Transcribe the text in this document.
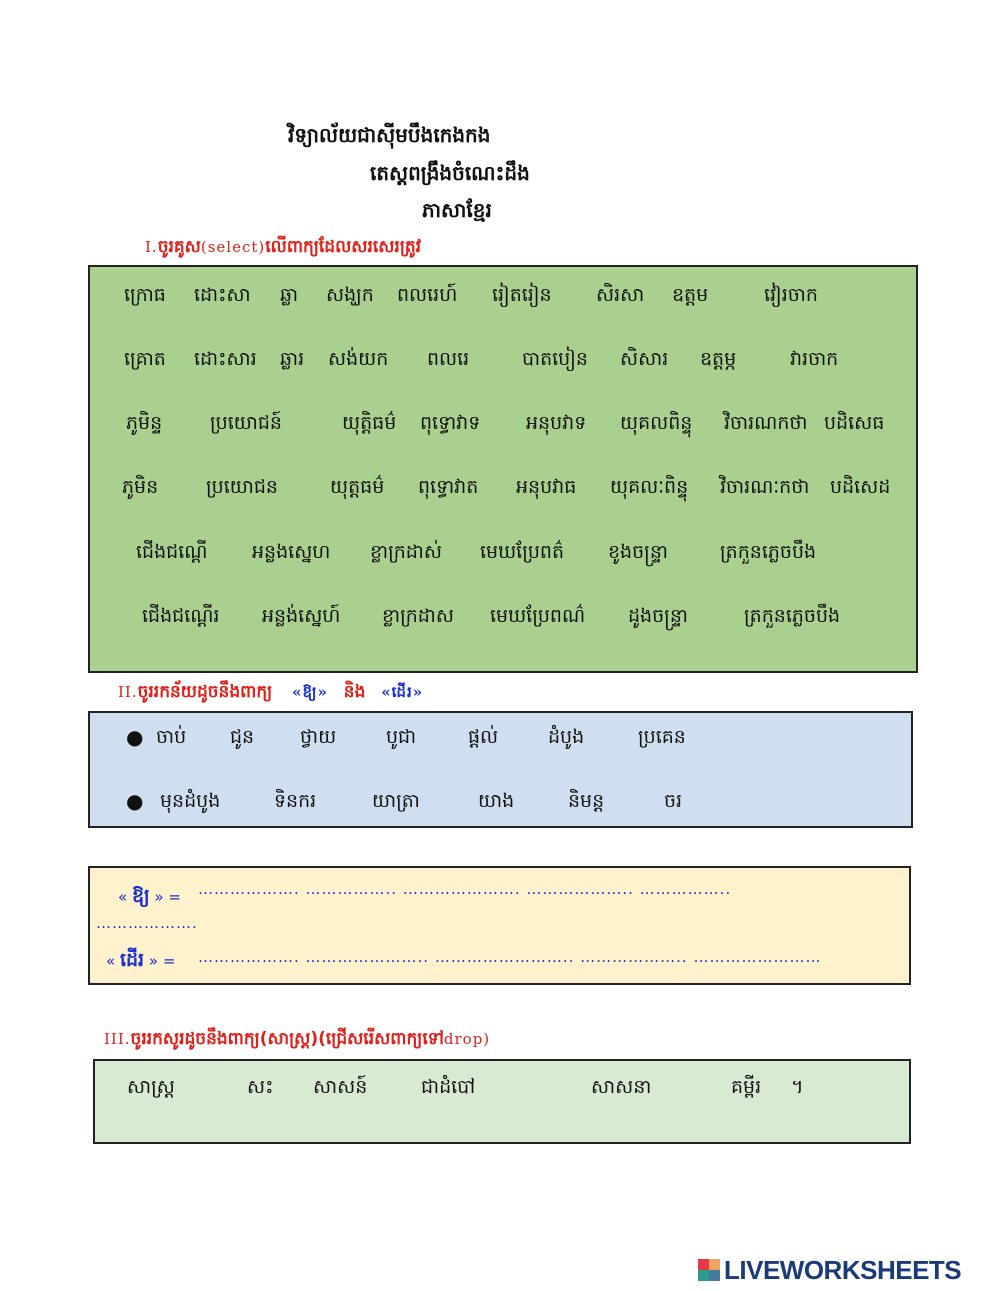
វិទ្យាល័យជាស៊ីមបឹងកេងកង
តេស្តពង្រឹងចំណេះដឹង
ភាសាខ្មែរ
I.ចូរគូស(select)លើពាក្យដែលសរសេរត្រូវ
ក្រោធ ដោះសា ឆ្លា សង្ឃក ពលរេហ៍ រៀតរៀន សិរសា ឧត្តម	វៀរចាក
គ្រោត ដោះសារ ឆ្លារ សង់យក ពលរេ	បាតបៀន សិសារ ឧត្តម្ភ	វារចាក
ភូមិន្ទ	ប្រយោជន៍	យុត្តិធម៌ ពុទ្ធោវាទ អនុបវាទ យុគលពិន្ទុ វិចារណកថា បដិសេធ
ភូមិន	ប្រយោជន	យុត្តធម៌ ពុទ្ធោវាត អនុបវាធ យុគលៈពិន្ទុ វិចារណៈកថា បដិសេដ
ជើងជណ្ដើ អន្លងស្នេហ ខ្លាក្រដាស់ មេឃប្រែពត៌ ខូងចន្ទ្រា	ត្រកួនភ្លេចបឹង
ជើងជណ្ដើរ អន្លង់ស្នេហ៍ ខ្លាក្រដាស មេឃប្រែពណ៌ ដូងចន្ទ្រា	ត្រកួនភ្លេចបឹង
II.ចូររកន័យដូចនឹងពាក្យ «ឱ្យ» និង «ដើរ»
● ចាប់ ជូន ថ្វាយ	បូជា	ផ្ដល់	ដំបូង	ប្រគេន
● មុនដំបូង	ទិនករ	យាត្រា	យាង	និមន្ត	ចរ
« ឱ្យ » = ………………. …………….. …………………. ……………….. ……………..
……………….
« ដើរ » = ………………. ………………….. …………………….. ……………….. ……………………
III.ចូររកសូរដូចនឹងពាក្យ(សាស្ត្រ)(ជ្រើសរើសពាក្យទៅdrop)
សាស្រ្ត	សះ សាសន៍	ជាដំបៅ	សាសនា	គម្ពីរ ។
LIVEWORKSHEETS
